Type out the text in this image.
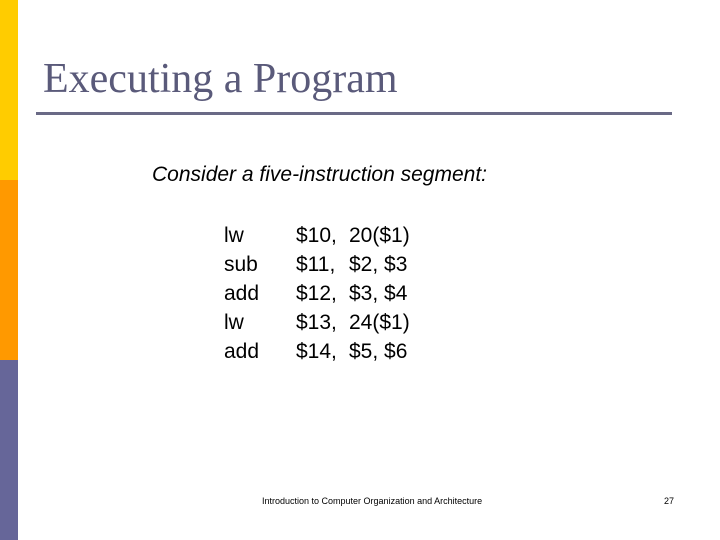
Executing a Program
Consider a five-instruction segment:
lw $10, 20($1)
sub $11, $2, $3
add $12, $3, $4
lw $13, 24($1)
add $14, $5, $6
Introduction to Computer Organization and Architecture	27
